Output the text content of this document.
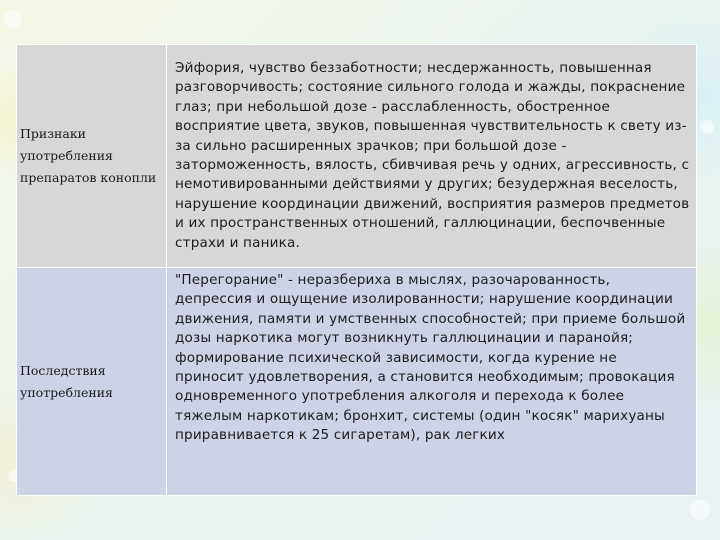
Признаки употребления препаратов конопли	Эйфория, чувство беззаботности; несдержанность, повышенная разговорчивость; состояние сильного голода и жажды, покраснение глаз; при небольшой дозе - расслабленность, обостренное восприятие цвета, звуков, повышенная чувствительность к свету из-за сильно расширенных зрачков; при большой дозе - заторможенность, вялость, сбивчивая речь у одних, агрессивность, с немотивированными действиями у других; безудержная веселость, нарушение координации движений, восприятия размеров предметов и их пространственных отношений, галлюцинации, беспочвенные страхи и паника.
Последствия употребления	"Перегорание" - неразбериха в мыслях, разочарованность, депрессия и ощущение изолированности; нарушение координации движения, памяти и умственных способностей; при приеме большой дозы наркотика могут возникнуть галлюцинации и паранойя; формирование психической зависимости, когда курение не приносит удовлетворения, а становится необходимым; провокация одновременного употребления алкоголя и перехода к более тяжелым наркотикам; бронхит, системы (один "косяк" марихуаны приравнивается к 25 сигаретам), рак легких
